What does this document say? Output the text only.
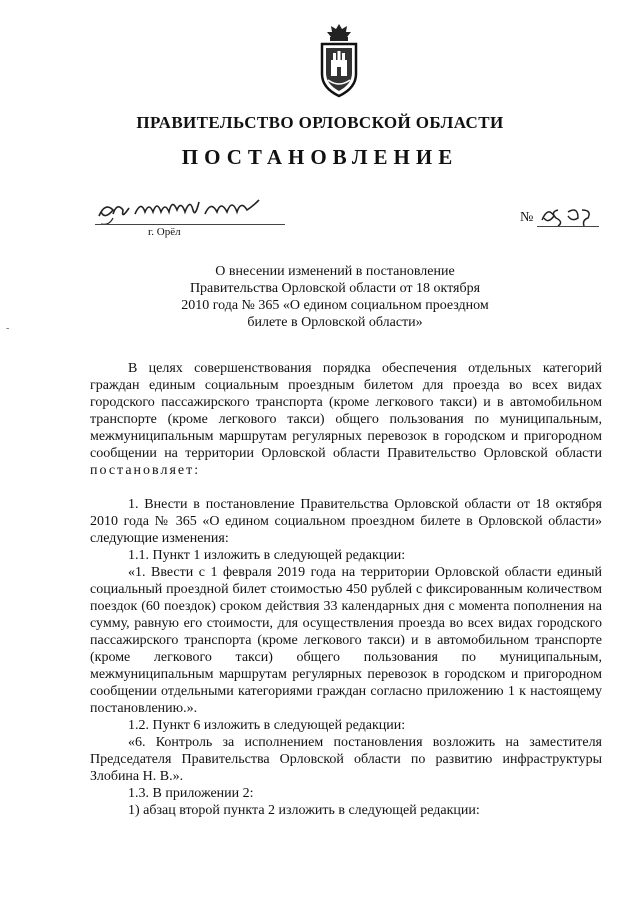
ПРАВИТЕЛЬСТВО ОРЛОВСКОЙ ОБЛАСТИ
ПОСТАНОВЛЕНИЕ
г. Орёл
№
О внесении изменений в постановление
Правительства Орловской области от 18 октября
2010 года № 365 «О едином социальном проездном
билете в Орловской области»
-

В целях совершенствования порядка обеспечения отдельных категорий граждан единым социальным проездным билетом для проезда во всех видах городского пассажирского транспорта (кроме легкового такси) и в автомобильном транспорте (кроме легкового такси) общего пользования по муниципальным, межмуниципальным маршрутам регулярных перевозок в городском и пригородном сообщении на территории Орловской области Правительство Орловской области постановляет:

1. Внести в постановление Правительства Орловской области от 18 октября 2010 года № 365 «О едином социальном проездном билете в Орловской области» следующие изменения:

1.1. Пункт 1 изложить в следующей редакции:

«1. Ввести с 1 февраля 2019 года на территории Орловской области единый социальный проездной билет стоимостью 450 рублей с фиксированным количеством поездок (60 поездок) сроком действия 33 календарных дня с момента пополнения на сумму, равную его стоимости, для осуществления проезда во всех видах городского пассажирского транспорта (кроме легкового такси) и в автомобильном транспорте (кроме легкового такси) общего пользования по муниципальным, межмуниципальным маршрутам регулярных перевозок в городском и пригородном сообщении отдельными категориями граждан согласно приложению 1 к настоящему постановлению.».

1.2. Пункт 6 изложить в следующей редакции:

«6. Контроль за исполнением постановления возложить на заместителя Председателя Правительства Орловской области по развитию инфраструктуры Злобина Н. В.».

1.3. В приложении 2:

1) абзац второй пункта 2 изложить в следующей редакции:
